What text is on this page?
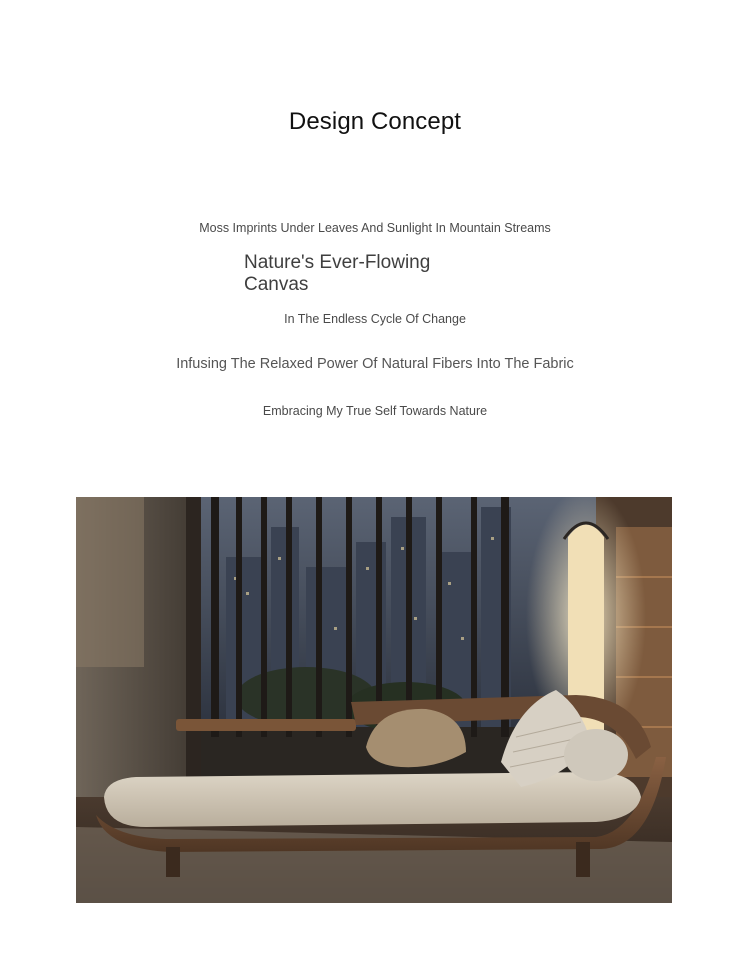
Design Concept
Moss Imprints Under Leaves And Sunlight In Mountain Streams
Nature's Ever-Flowing
Canvas
In The Endless Cycle Of Change
Infusing The Relaxed Power Of Natural Fibers Into The Fabric
Embracing My True Self Towards Nature
